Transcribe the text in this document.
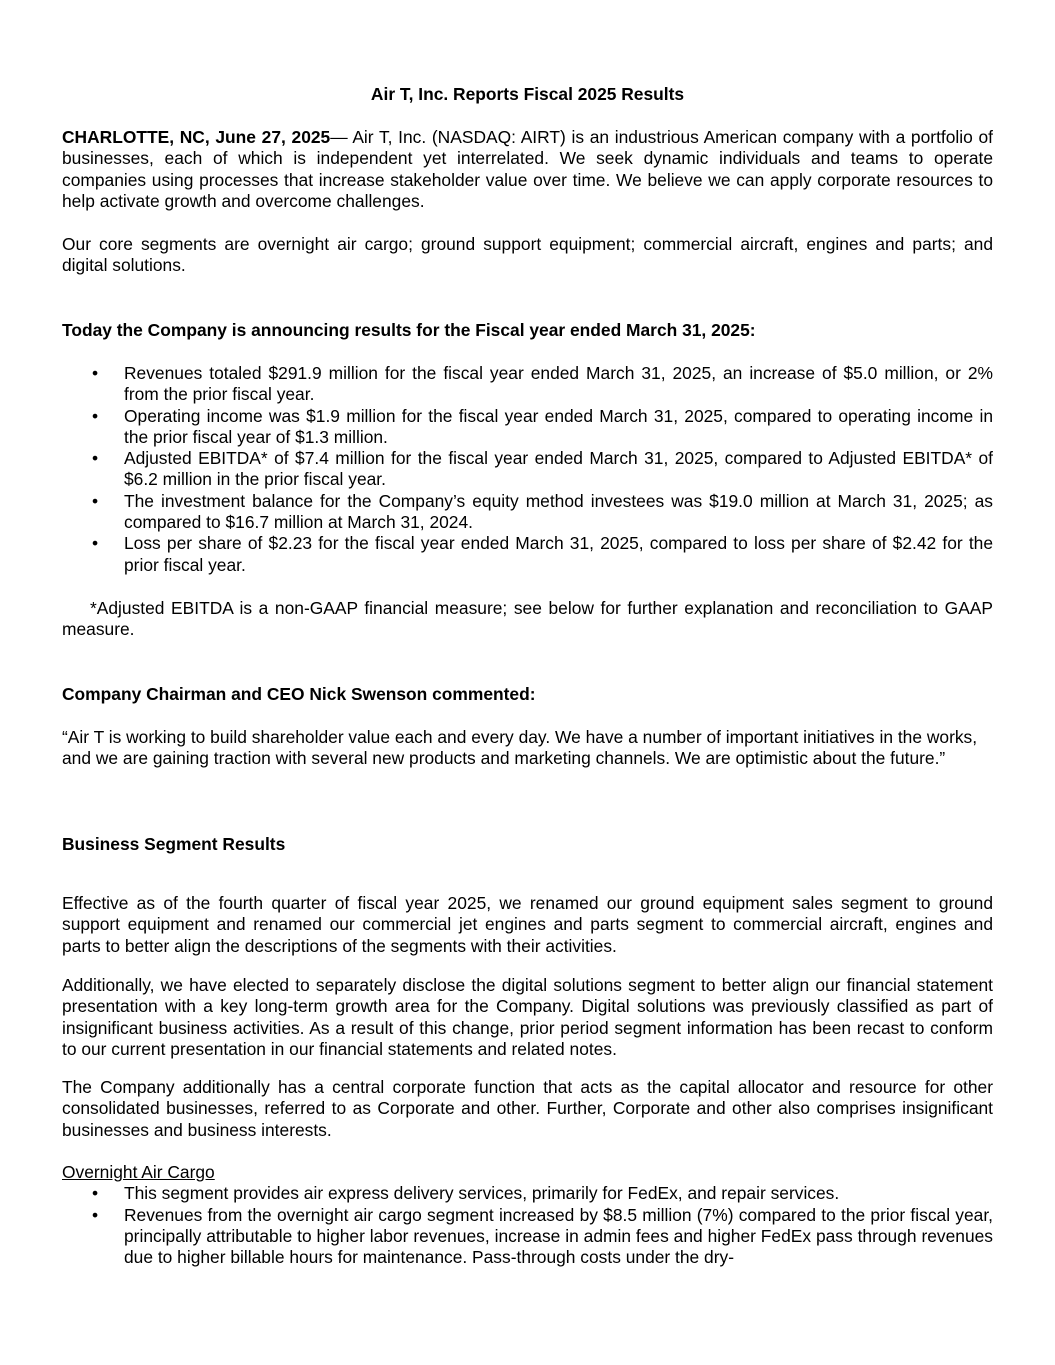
Air T, Inc. Reports Fiscal 2025 Results
CHARLOTTE, NC, June 27, 2025— Air T, Inc. (NASDAQ: AIRT) is an industrious American company with a portfolio of businesses, each of which is independent yet interrelated. We seek dynamic individuals and teams to operate companies using processes that increase stakeholder value over time. We believe we can apply corporate resources to help activate growth and overcome challenges.
Our core segments are overnight air cargo; ground support equipment; commercial aircraft, engines and parts; and digital solutions.
Today the Company is announcing results for the Fiscal year ended March 31, 2025:
• Revenues totaled $291.9 million for the fiscal year ended March 31, 2025, an increase of $5.0 million, or 2% from the prior fiscal year.
• Operating income was $1.9 million for the fiscal year ended March 31, 2025, compared to operating income in the prior fiscal year of $1.3 million.
• Adjusted EBITDA* of $7.4 million for the fiscal year ended March 31, 2025, compared to Adjusted EBITDA* of $6.2 million in the prior fiscal year.
• The investment balance for the Company’s equity method investees was $19.0 million at March 31, 2025; as compared to $16.7 million at March 31, 2024.
• Loss per share of $2.23 for the fiscal year ended March 31, 2025, compared to loss per share of $2.42 for the prior fiscal year.
*Adjusted EBITDA is a non-GAAP financial measure; see below for further explanation and reconciliation to GAAP measure.
Company Chairman and CEO Nick Swenson commented:
“Air T is working to build shareholder value each and every day. We have a number of important initiatives in the works, and we are gaining traction with several new products and marketing channels. We are optimistic about the future.”
Business Segment Results
Effective as of the fourth quarter of fiscal year 2025, we renamed our ground equipment sales segment to ground support equipment and renamed our commercial jet engines and parts segment to commercial aircraft, engines and parts to better align the descriptions of the segments with their activities.
Additionally, we have elected to separately disclose the digital solutions segment to better align our financial statement presentation with a key long-term growth area for the Company. Digital solutions was previously classified as part of insignificant business activities. As a result of this change, prior period segment information has been recast to conform to our current presentation in our financial statements and related notes.
The Company additionally has a central corporate function that acts as the capital allocator and resource for other consolidated businesses, referred to as Corporate and other. Further, Corporate and other also comprises insignificant businesses and business interests.
Overnight Air Cargo
• This segment provides air express delivery services, primarily for FedEx, and repair services.
• Revenues from the overnight air cargo segment increased by $8.5 million (7%) compared to the prior fiscal year, principally attributable to higher labor revenues, increase in admin fees and higher FedEx pass through revenues due to higher billable hours for maintenance. Pass-through costs under the dry-
